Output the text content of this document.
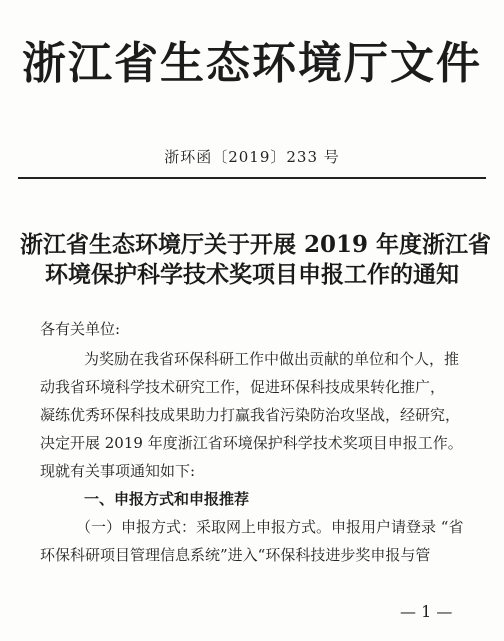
浙江省生态环境厅文件
浙环函〔2019〕233 号
浙江省生态环境厅关于开展 2019 年度浙江省
环境保护科学技术奖项目申报工作的通知
各有关单位:
为奖励在我省环保科研工作中做出贡献的单位和个人，推
动我省环境科学技术研究工作，促进环保科技成果转化推广，
凝练优秀环保科技成果助力打赢我省污染防治攻坚战，经研究，
决定开展 2019 年度浙江省环境保护科学技术奖项目申报工作。
现就有关事项通知如下:
一、申报方式和申报推荐
（一）申报方式：采取网上申报方式。申报用户请登录 “省
环保科研项目管理信息系统”进入“环保科技进步奖申报与管
— 1 —
